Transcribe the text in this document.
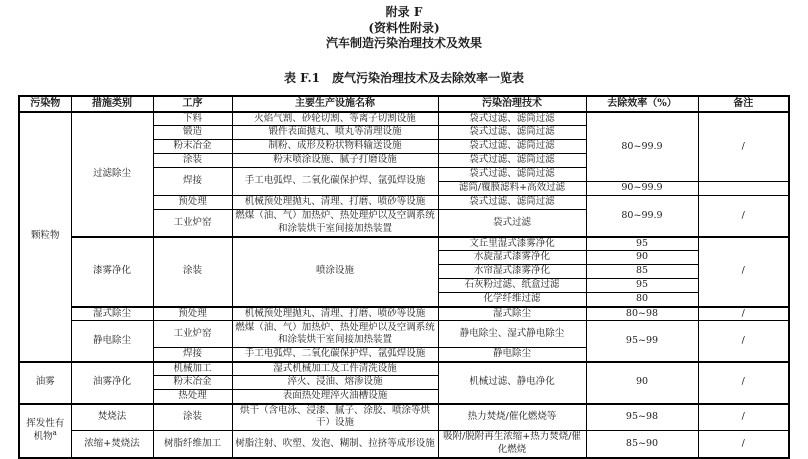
附录 F
(资料性附录)
汽车制造污染治理技术及效果
表 F.1　废气污染治理技术及去除效率一览表
污染物	措施类别	工序	主要生产设施名称	污染治理技术	去除效率（%）	备注
颗粒物	过滤除尘	下料	火焰气割、砂轮切割、等离子切割设施	袋式过滤、滤筒过滤	80~99.9	/
		锻造	锻件表面抛丸、喷丸等清理设施	袋式过滤、滤筒过滤		
		粉末冶金	制粉、成形及粉状物料输送设施	袋式过滤、滤筒过滤		
		涂装	粉末喷涂设施、腻子打磨设施	袋式过滤、滤筒过滤		
		焊接	手工电弧焊、二氧化碳保护焊、氩弧焊设施	袋式过滤、滤筒过滤		
				滤筒/覆膜滤料+高效过滤	90~99.9	
		预处理	机械预处理抛丸、清理、打磨、喷砂等设施	袋式过滤、滤筒过滤	80~99.9	/
		工业炉窑	燃煤（油、气）加热炉、热处理炉以及空调系统和涂装烘干室间接加热装置	袋式过滤		
	漆雾净化	涂装	喷涂设施	文丘里湿式漆雾净化	95	/
				水旋湿式漆雾净化	90	
				水帘湿式漆雾净化	85	
				石灰粉过滤、纸盒过滤	95	
				化学纤维过滤	80	
	湿式除尘	预处理	机械预处理抛丸、清理、打磨、喷砂等设施	湿式除尘	80~98	/
	静电除尘	工业炉窑	燃煤（油、气）加热炉、热处理炉以及空调系统和涂装烘干室间接加热装置	静电除尘、湿式静电除尘	95~99	/
		焊接	手工电弧焊、二氧化碳保护焊、氩弧焊设施	静电除尘		
油雾	油雾净化	机械加工	湿式机械加工及工件清洗设施	机械过滤、静电净化	90	/
		粉末冶金	淬火、浸油、熔渗设施			
		热处理	表面热处理淬火油槽设施			
挥发性有机物$^a$	焚烧法	涂装	烘干（含电泳、浸漆、腻子、涂胶、喷涂等烘干）设施	热力焚烧/催化燃烧等	95~98	/
	浓缩+焚烧法	树脂纤维加工	树脂注射、吹塑、发泡、糊制、拉挤等成形设施	吸附/脱附再生浓缩+热力焚烧/催化燃烧	85~90	/
